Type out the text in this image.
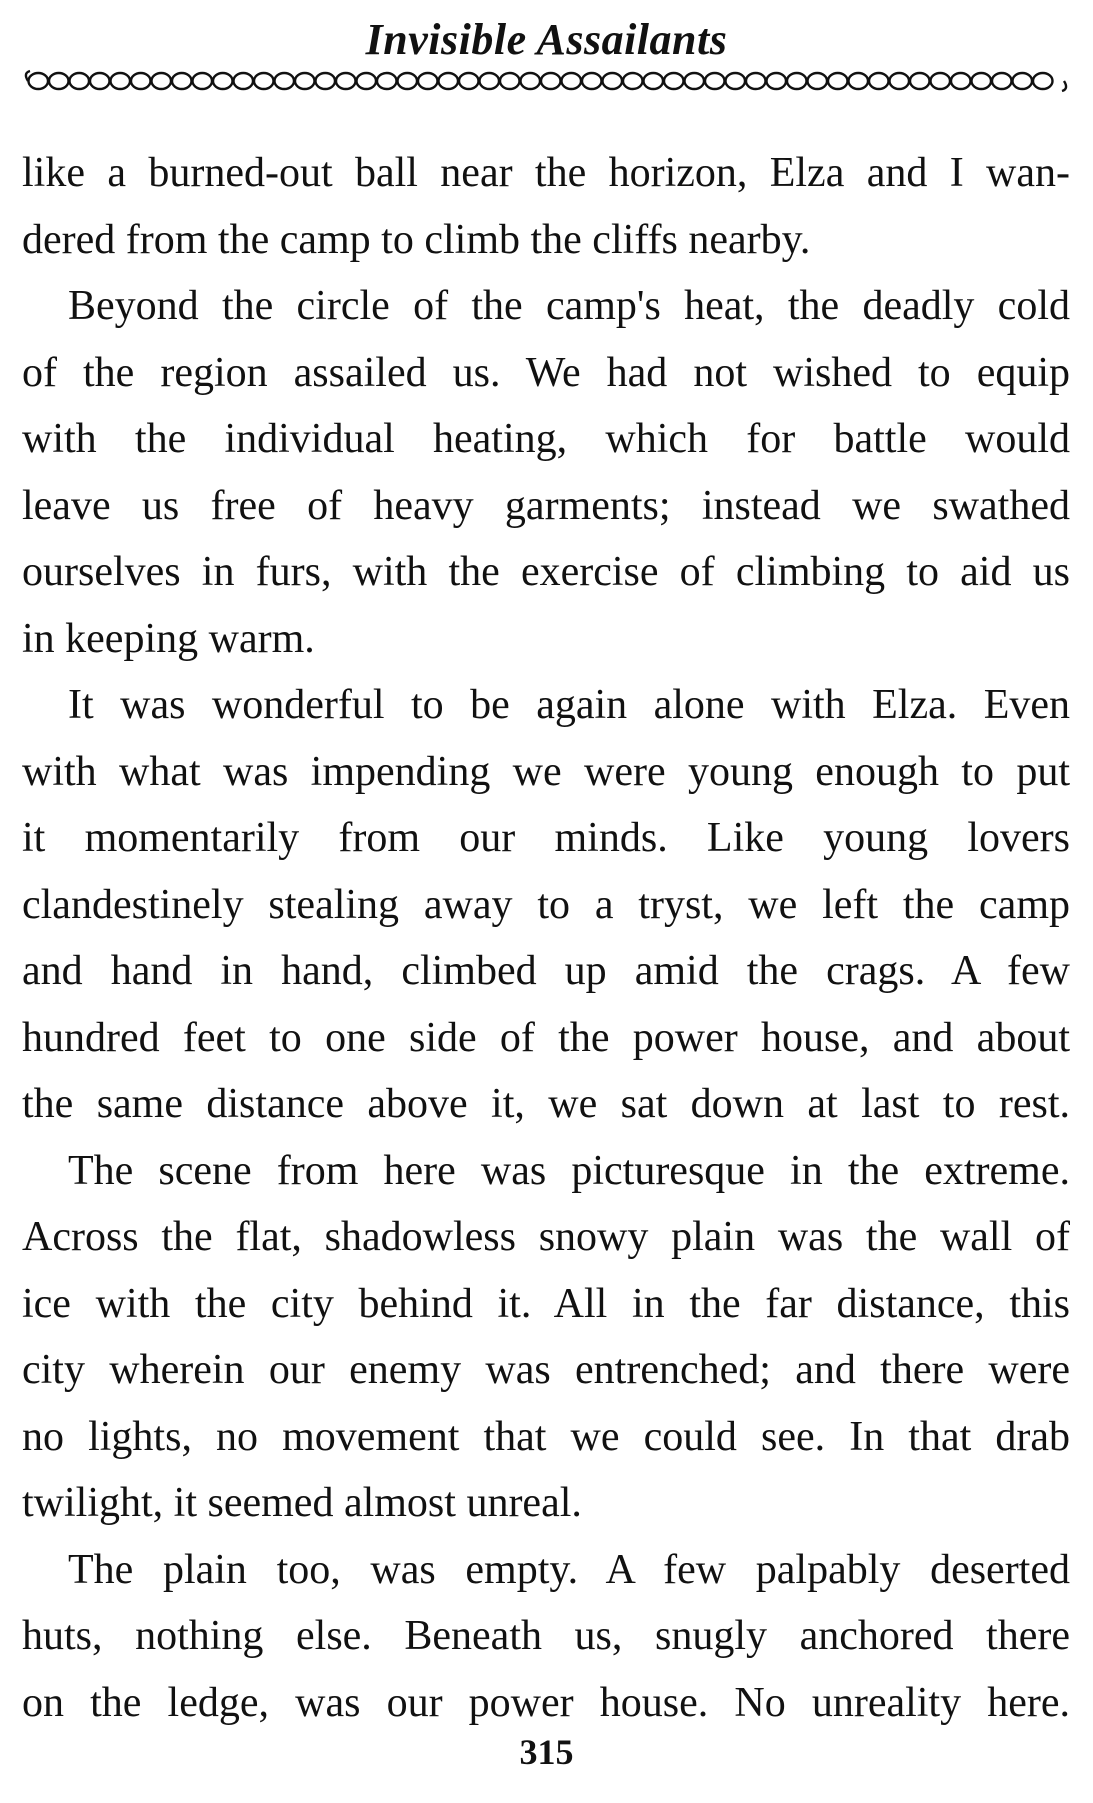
Invisible Assailants

like a burned-out ball near the horizon, Elza and I wan-
dered from the camp to climb the cliffs nearby.

Beyond the circle of the camp's heat, the deadly cold
of the region assailed us. We had not wished to equip
with the individual heating, which for battle would
leave us free of heavy garments; instead we swathed
ourselves in furs, with the exercise of climbing to aid us
in keeping warm.

It was wonderful to be again alone with Elza. Even
with what was impending we were young enough to put
it momentarily from our minds. Like young lovers
clandestinely stealing away to a tryst, we left the camp
and hand in hand, climbed up amid the crags. A few
hundred feet to one side of the power house, and about
the same distance above it, we sat down at last to rest.

The scene from here was picturesque in the extreme.
Across the flat, shadowless snowy plain was the wall of
ice with the city behind it. All in the far distance, this
city wherein our enemy was entrenched; and there were
no lights, no movement that we could see. In that drab
twilight, it seemed almost unreal.

The plain too, was empty. A few palpably deserted
huts, nothing else. Beneath us, snugly anchored there
on the ledge, was our power house. No unreality here.

315
